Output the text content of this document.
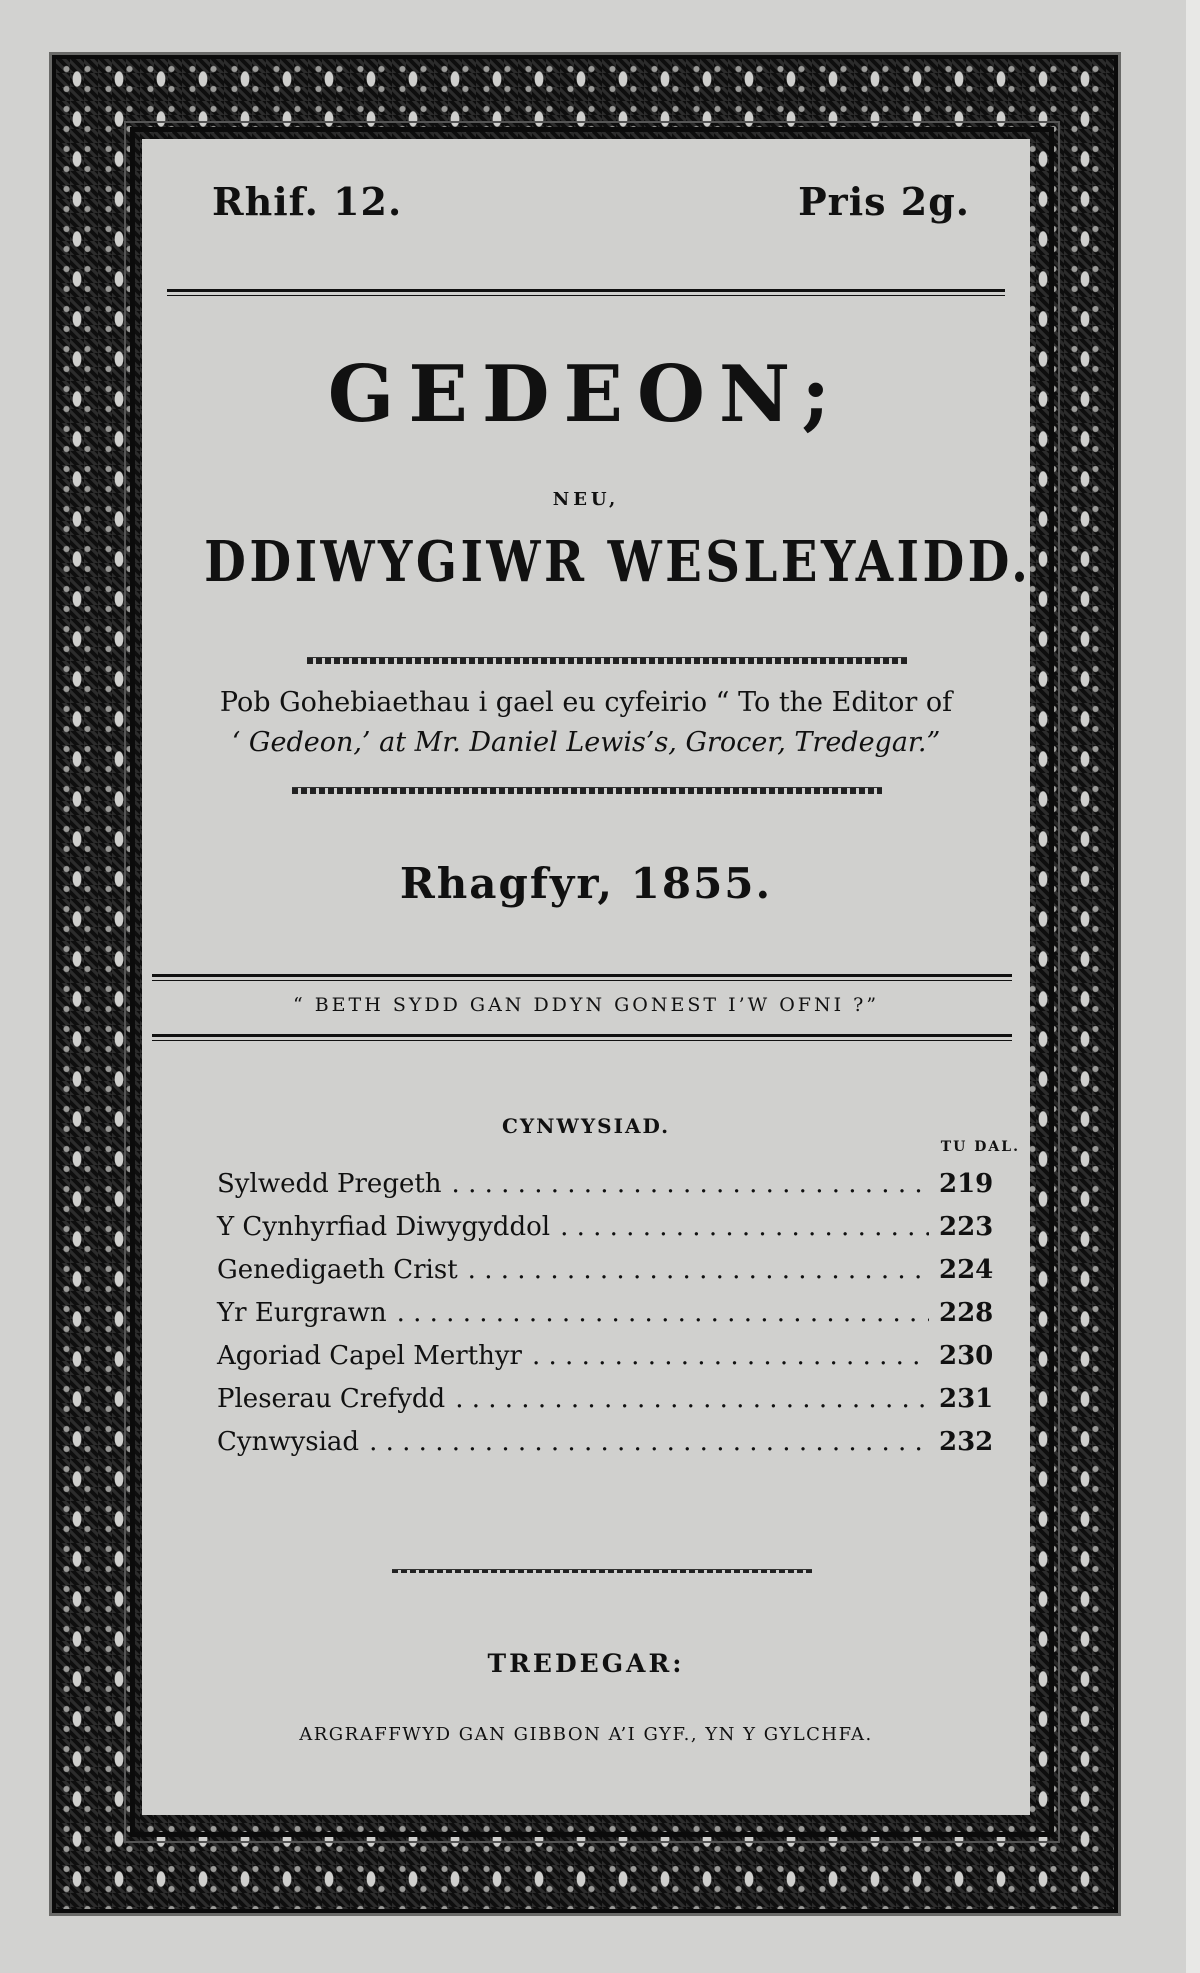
Rhif. 12.	Pris 2g.
GEDEON;
NEU,
DDIWYGIWR WESLEYAIDD.
Pob Gohebiaethau i gael eu cyfeirio “ To the Editor of
‘ Gedeon,’ at Mr. Daniel Lewis’s, Grocer, Tredegar.”
Rhagfyr, 1855.
“ BETH SYDD GAN DDYN GONEST I’W OFNI ?”
CYNWYSIAD.
TU DAL.
Sylwedd Pregeth . . .	219
Y Cynhyrfiad Diwygyddol . . .	223
Genedigaeth Crist . . .	224
Yr Eurgrawn . . .	228
Agoriad Capel Merthyr . . .	230
Pleserau Crefydd . . .	231
Cynwysiad . . .	232
TREDEGAR:
ARGRAFFWYD GAN GIBBON A’I GYF., YN Y GYLCHFA.
